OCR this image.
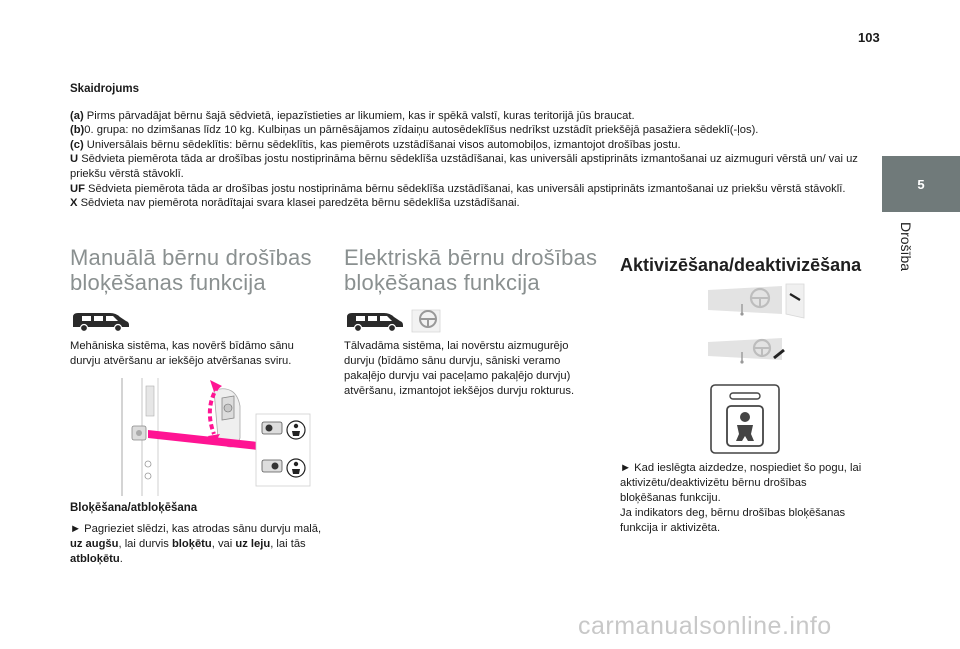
103
5
Drošība
Skaidrojums

(a) Pirms pārvadājat bērnu šajā sēdvietā, iepazīstieties ar likumiem, kas ir spēkā valstī, kuras teritorijā jūs braucat.

(b)0. grupa: no dzimšanas līdz 10 kg. Kulbiņas un pārnēsājamos zīdaiņu autosēdeklīšus nedrīkst uzstādīt priekšējā pasažiera sēdeklī(-ļos).

(c) Universālais bērnu sēdeklītis: bērnu sēdeklītis, kas piemērots uzstādīšanai visos automobiļos, izmantojot drošības jostu.

U Sēdvieta piemērota tāda ar drošības jostu nostiprināma bērnu sēdeklīša uzstādīšanai, kas universāli apstiprināts izmantošanai uz aizmuguri vērstā un/ vai uz priekšu vērstā stāvoklī.

UF Sēdvieta piemērota tāda ar drošības jostu nostiprināma bērnu sēdeklīša uzstādīšanai, kas universāli apstiprināts izmantošanai uz priekšu vērstā stāvoklī.

X Sēdvieta nav piemērota norādītajai svara klasei paredzēta bērnu sēdeklīša uzstādīšanai.

Manuālā bērnu drošības bloķēšanas funkcija
Mehāniska sistēma, kas novērš bīdāmo sānu durvju atvēršanu ar iekšējo atvēršanas sviru.
Bloķēšana/atbloķēšana
► Pagrieziet slēdzi, kas atrodas sānu durvju malā, uz augšu, lai durvis bloķētu, vai uz leju, lai tās atbloķētu.
Elektriskā bērnu drošības bloķēšanas funkcija
Tālvadāma sistēma, lai novērstu aizmugurējo durvju (bīdāmo sānu durvju, sāniski veramo pakaļējo durvju vai paceļamo pakaļējo durvju) atvēršanu, izmantojot iekšējos durvju rokturus.
Aktivizēšana/deaktivizēšana
► Kad ieslēgta aizdedze, nospiediet šo pogu, lai aktivizētu/deaktivizētu bērnu drošības bloķēšanas funkciju.
Ja indikators deg, bērnu drošības bloķēšanas funkcija ir aktivizēta.
carmanualsonline.info
